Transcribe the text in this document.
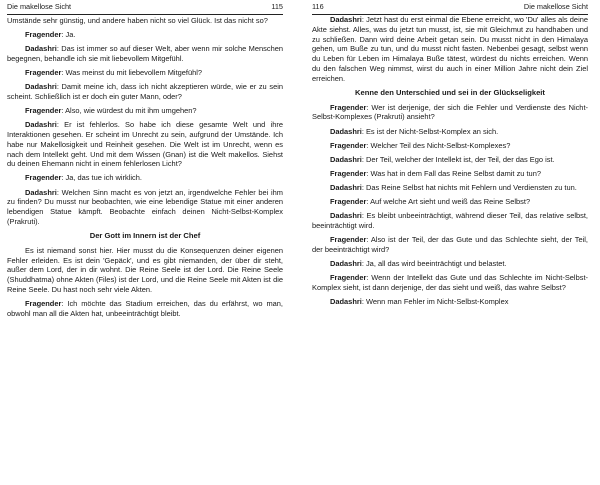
Die makellose Sicht	115

Umstände sehr günstig, und andere haben nicht so viel Glück. Ist das nicht so?

Fragender: Ja.

Dadashri: Das ist immer so auf dieser Welt, aber wenn mir solche Menschen begegnen, behandle ich sie mit liebevollem Mitgefühl.

Fragender: Was meinst du mit liebevollem Mitgefühl?

Dadashri: Damit meine ich, dass ich nicht akzeptieren würde, wie er zu sein scheint. Schließlich ist er doch ein guter Mann, oder?

Fragender: Also, wie würdest du mit ihm umgehen?

Dadashri: Er ist fehlerlos. So habe ich diese gesamte Welt und ihre Interaktionen gesehen. Er scheint im Unrecht zu sein, aufgrund der Umstände. Ich habe nur Makellosigkeit und Reinheit gesehen. Die Welt ist im Unrecht, wenn es nach dem Intellekt geht. Und mit dem Wissen (Gnan) ist die Welt makellos. Siehst du deinen Ehemann nicht in einem fehlerlosen Licht?

Fragender: Ja, das tue ich wirklich.

Dadashri: Welchen Sinn macht es von jetzt an, irgendwelche Fehler bei ihm zu finden? Du musst nur beobachten, wie eine lebendige Statue mit einer anderen lebendigen Statue kämpft. Beobachte einfach deinen Nicht-Selbst-Komplex (Prakruti).

Der Gott im Innern ist der Chef

Es ist niemand sonst hier. Hier musst du die Konsequenzen deiner eigenen Fehler erleiden. Es ist dein 'Gepäck', und es gibt niemanden, der über dir steht, außer dem Lord, der in dir wohnt. Die Reine Seele ist der Lord. Die Reine Seele (Shuddhatma) ohne Akten (Files) ist der Lord, und die Reine Seele mit Akten ist die Reine Seele. Du hast noch sehr viele Akten.

Fragender: Ich möchte das Stadium erreichen, das du erfährst, wo man, obwohl man all die Akten hat, unbeeinträchtigt bleibt.

116	Die makellose Sicht

Dadashri: Jetzt hast du erst einmal die Ebene erreicht, wo 'Du' alles als deine Akte siehst. Alles, was du jetzt tun musst, ist, sie mit Gleichmut zu handhaben und zu schließen. Dann wird deine Arbeit getan sein. Du musst nicht in den Himalaya gehen, um Buße zu tun, und du musst nicht fasten. Nebenbei gesagt, selbst wenn du Leben für Leben im Himalaya Buße tätest, würdest du nichts erreichen. Wenn du den falschen Weg nimmst, wirst du auch in einer Million Jahre nicht dein Ziel erreichen.

Kenne den Unterschied und sei in der Glückseligkeit

Fragender: Wer ist derjenige, der sich die Fehler und Verdienste des Nicht-Selbst-Komplexes (Prakruti) ansieht?

Dadashri: Es ist der Nicht-Selbst-Komplex an sich.

Fragender: Welcher Teil des Nicht-Selbst-Komplexes?

Dadashri: Der Teil, welcher der Intellekt ist, der Teil, der das Ego ist.

Fragender: Was hat in dem Fall das Reine Selbst damit zu tun?

Dadashri: Das Reine Selbst hat nichts mit Fehlern und Verdiensten zu tun.

Fragender: Auf welche Art sieht und weiß das Reine Selbst?

Dadashri: Es bleibt unbeeinträchtigt, während dieser Teil, das relative selbst, beeinträchtigt wird.

Fragender: Also ist der Teil, der das Gute und das Schlechte sieht, der Teil, der beeinträchtigt wird?

Dadashri: Ja, all das wird beeinträchtigt und belastet.

Fragender: Wenn der Intellekt das Gute und das Schlechte im Nicht-Selbst-Komplex sieht, ist dann derjenige, der das sieht und weiß, das wahre Selbst?

Dadashri: Wenn man Fehler im Nicht-Selbst-Komplex
